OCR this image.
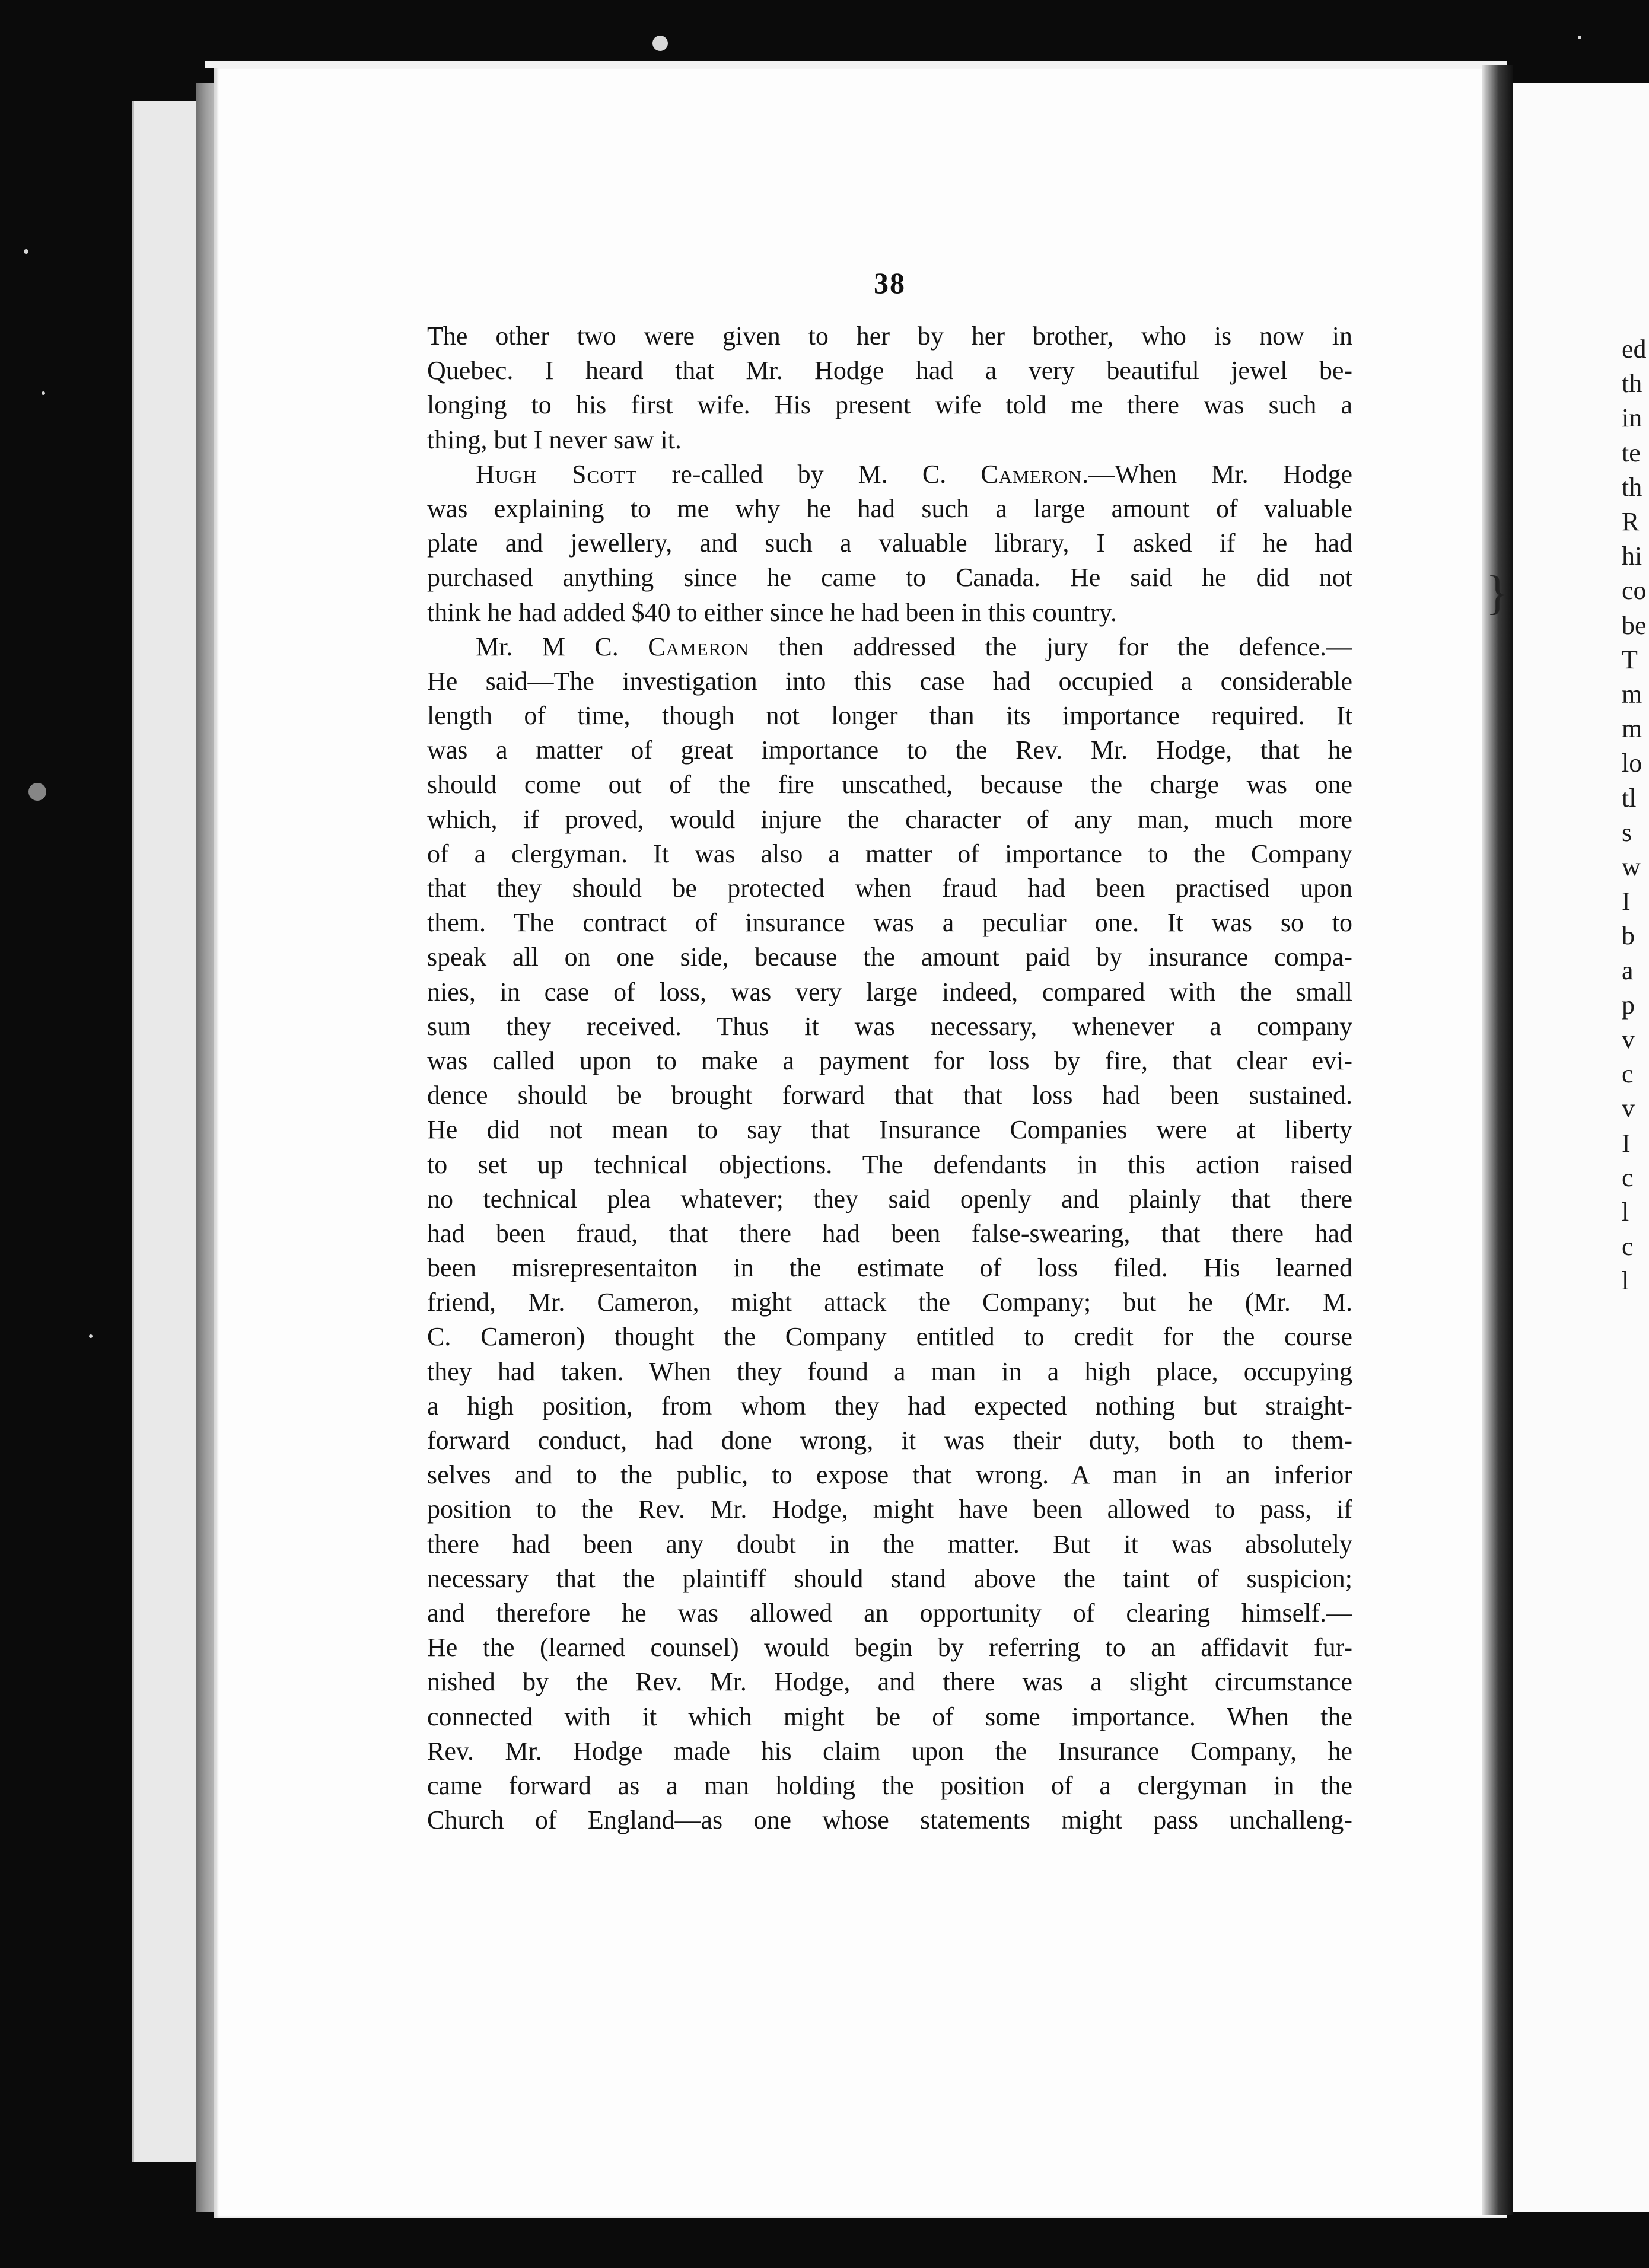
}
ed
th
in
te
th
R
hi
co
be
T
m
m
lo
tl
s
w
I
b
a
p
v
c
v
I
c
l
c
l
38
The other two were given to her by her brother, who is now in
Quebec. I heard that Mr. Hodge had a very beautiful jewel be-
longing to his first wife. His present wife told me there was such a
thing, but I never saw it.
Hugh Scott re-called by M. C. Cameron.—When Mr. Hodge
was explaining to me why he had such a large amount of valuable
plate and jewellery, and such a valuable library, I asked if he had
purchased anything since he came to Canada. He said he did not
think he had added $40 to either since he had been in this country.
Mr. M C. Cameron then addressed the jury for the defence.—
He said—The investigation into this case had occupied a considerable
length of time, though not longer than its importance required. It
was a matter of great importance to the Rev. Mr. Hodge, that he
should come out of the fire unscathed, because the charge was one
which, if proved, would injure the character of any man, much more
of a clergyman. It was also a matter of importance to the Company
that they should be protected when fraud had been practised upon
them. The contract of insurance was a peculiar one. It was so to
speak all on one side, because the amount paid by insurance compa-
nies, in case of loss, was very large indeed, compared with the small
sum they received. Thus it was necessary, whenever a company
was called upon to make a payment for loss by fire, that clear evi-
dence should be brought forward that that loss had been sustained.
He did not mean to say that Insurance Companies were at liberty
to set up technical objections. The defendants in this action raised
no technical plea whatever; they said openly and plainly that there
had been fraud, that there had been false-swearing, that there had
been misrepresentaiton in the estimate of loss filed. His learned
friend, Mr. Cameron, might attack the Company; but he (Mr. M.
C. Cameron) thought the Company entitled to credit for the course
they had taken. When they found a man in a high place, occupying
a high position, from whom they had expected nothing but straight-
forward conduct, had done wrong, it was their duty, both to them-
selves and to the public, to expose that wrong. A man in an inferior
position to the Rev. Mr. Hodge, might have been allowed to pass, if
there had been any doubt in the matter. But it was absolutely
necessary that the plaintiff should stand above the taint of suspicion;
and therefore he was allowed an opportunity of clearing himself.—
He the (learned counsel) would begin by referring to an affidavit fur-
nished by the Rev. Mr. Hodge, and there was a slight circumstance
connected with it which might be of some importance. When the
Rev. Mr. Hodge made his claim upon the Insurance Company, he
came forward as a man holding the position of a clergyman in the
Church of England—as one whose statements might pass unchalleng-
